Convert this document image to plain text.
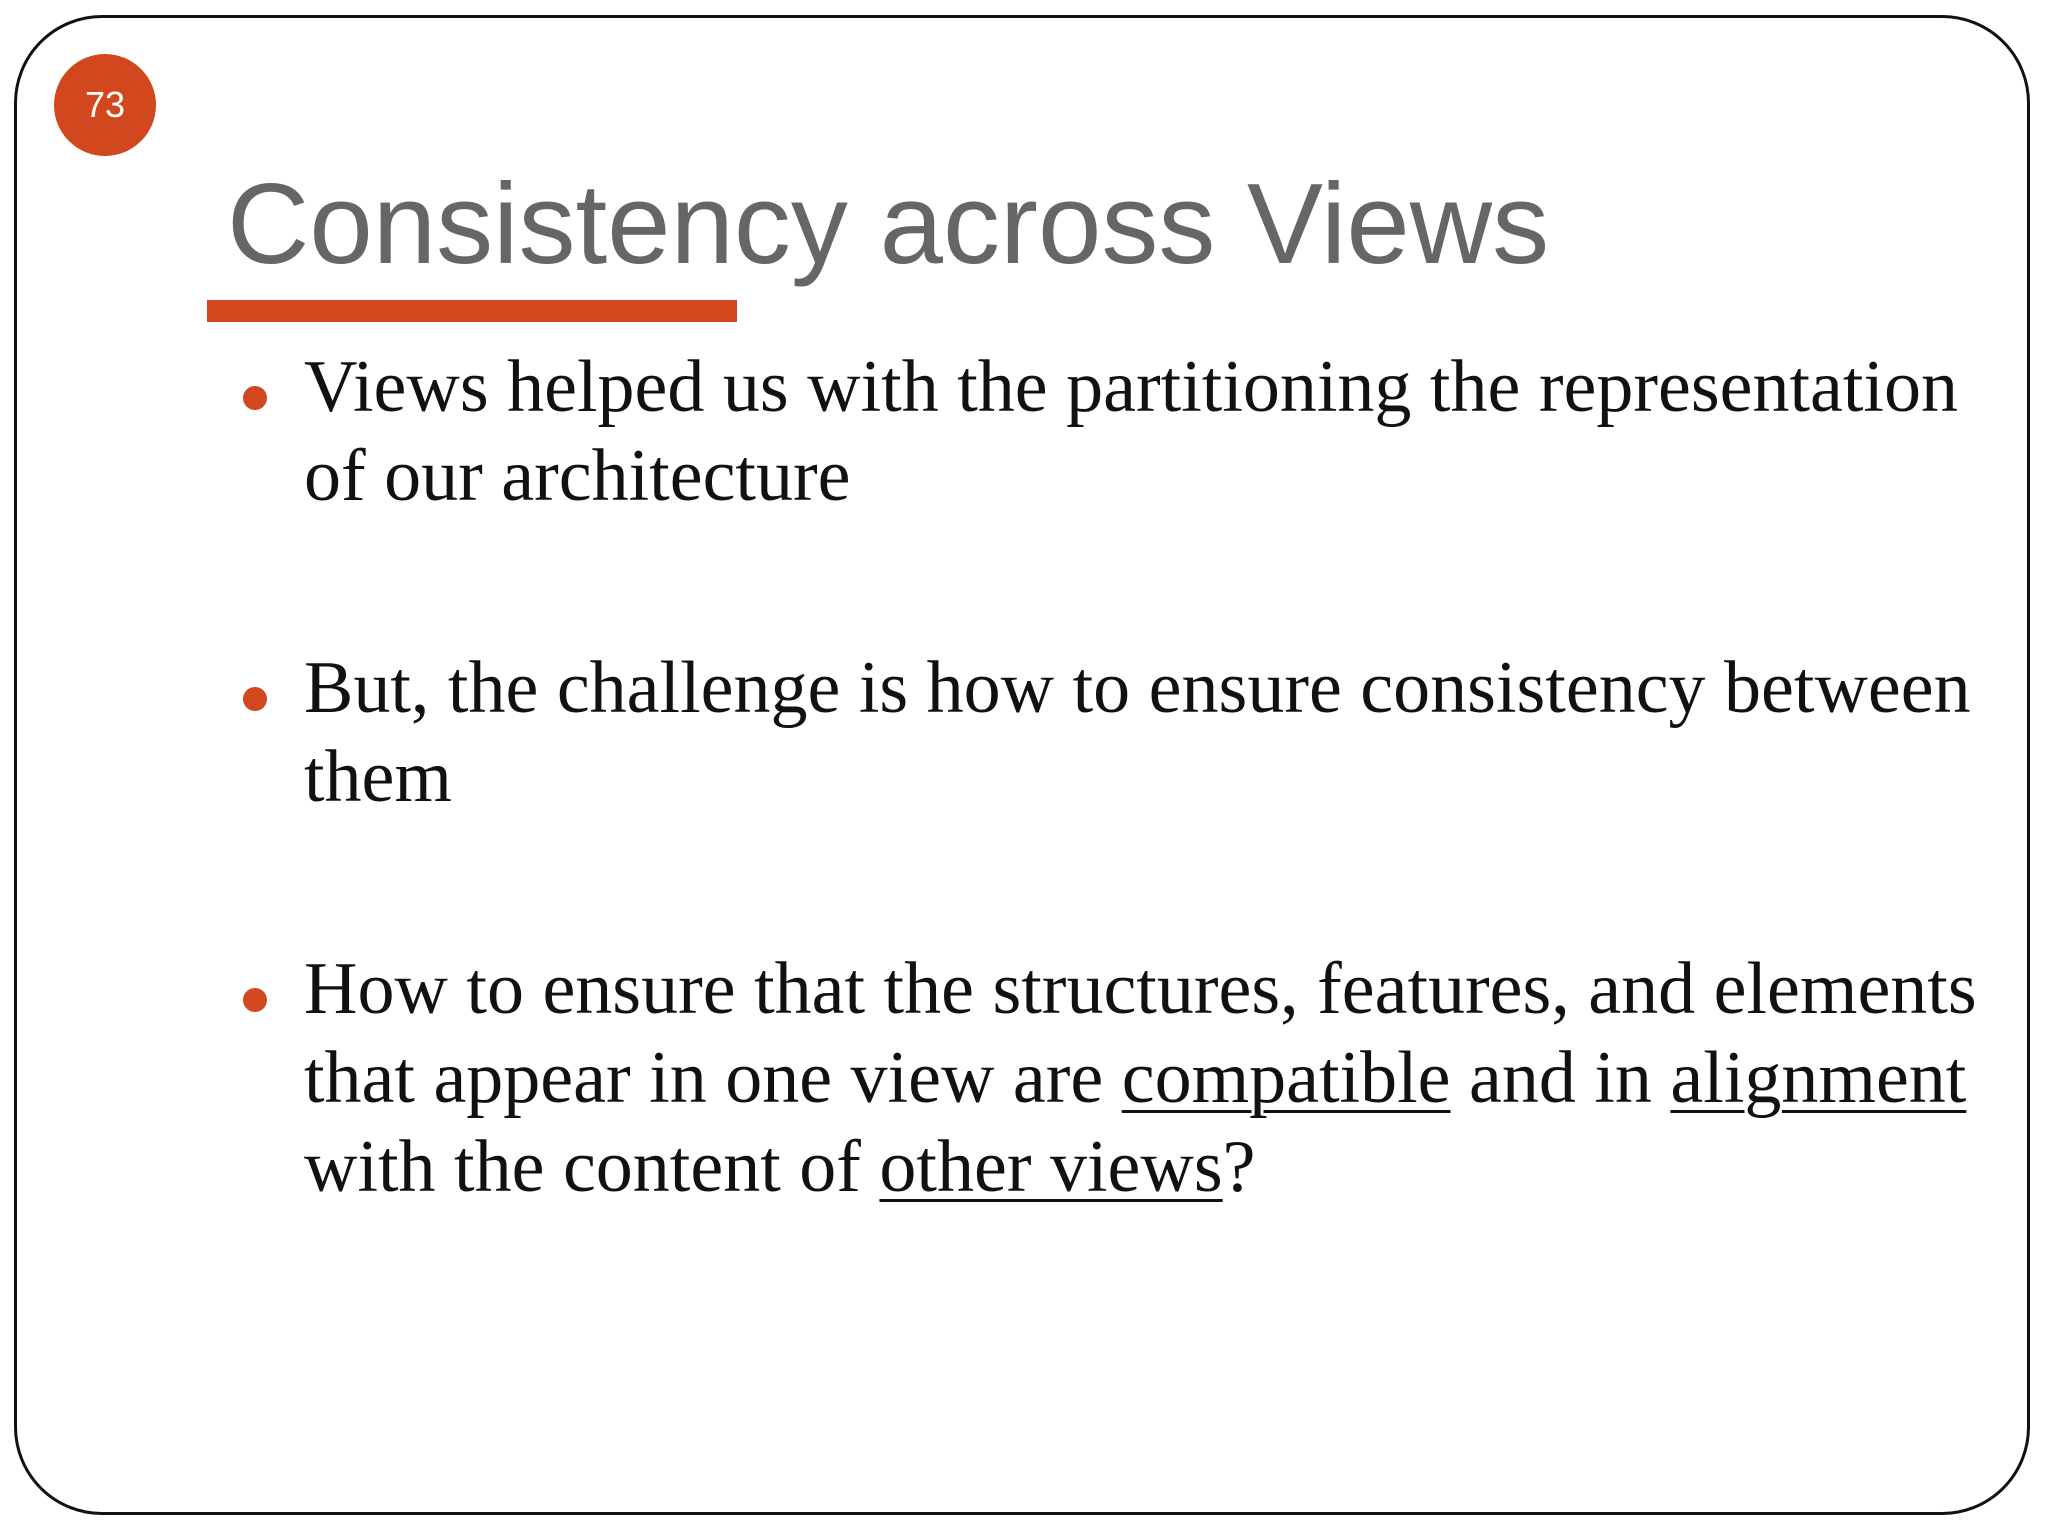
73
Consistency across Views
Views helped us with the partitioning the representation of our architecture
But, the challenge is how to ensure consistency between them
How to ensure that the structures, features, and elements that appear in one view are compatible and in alignment with the content of other views?
